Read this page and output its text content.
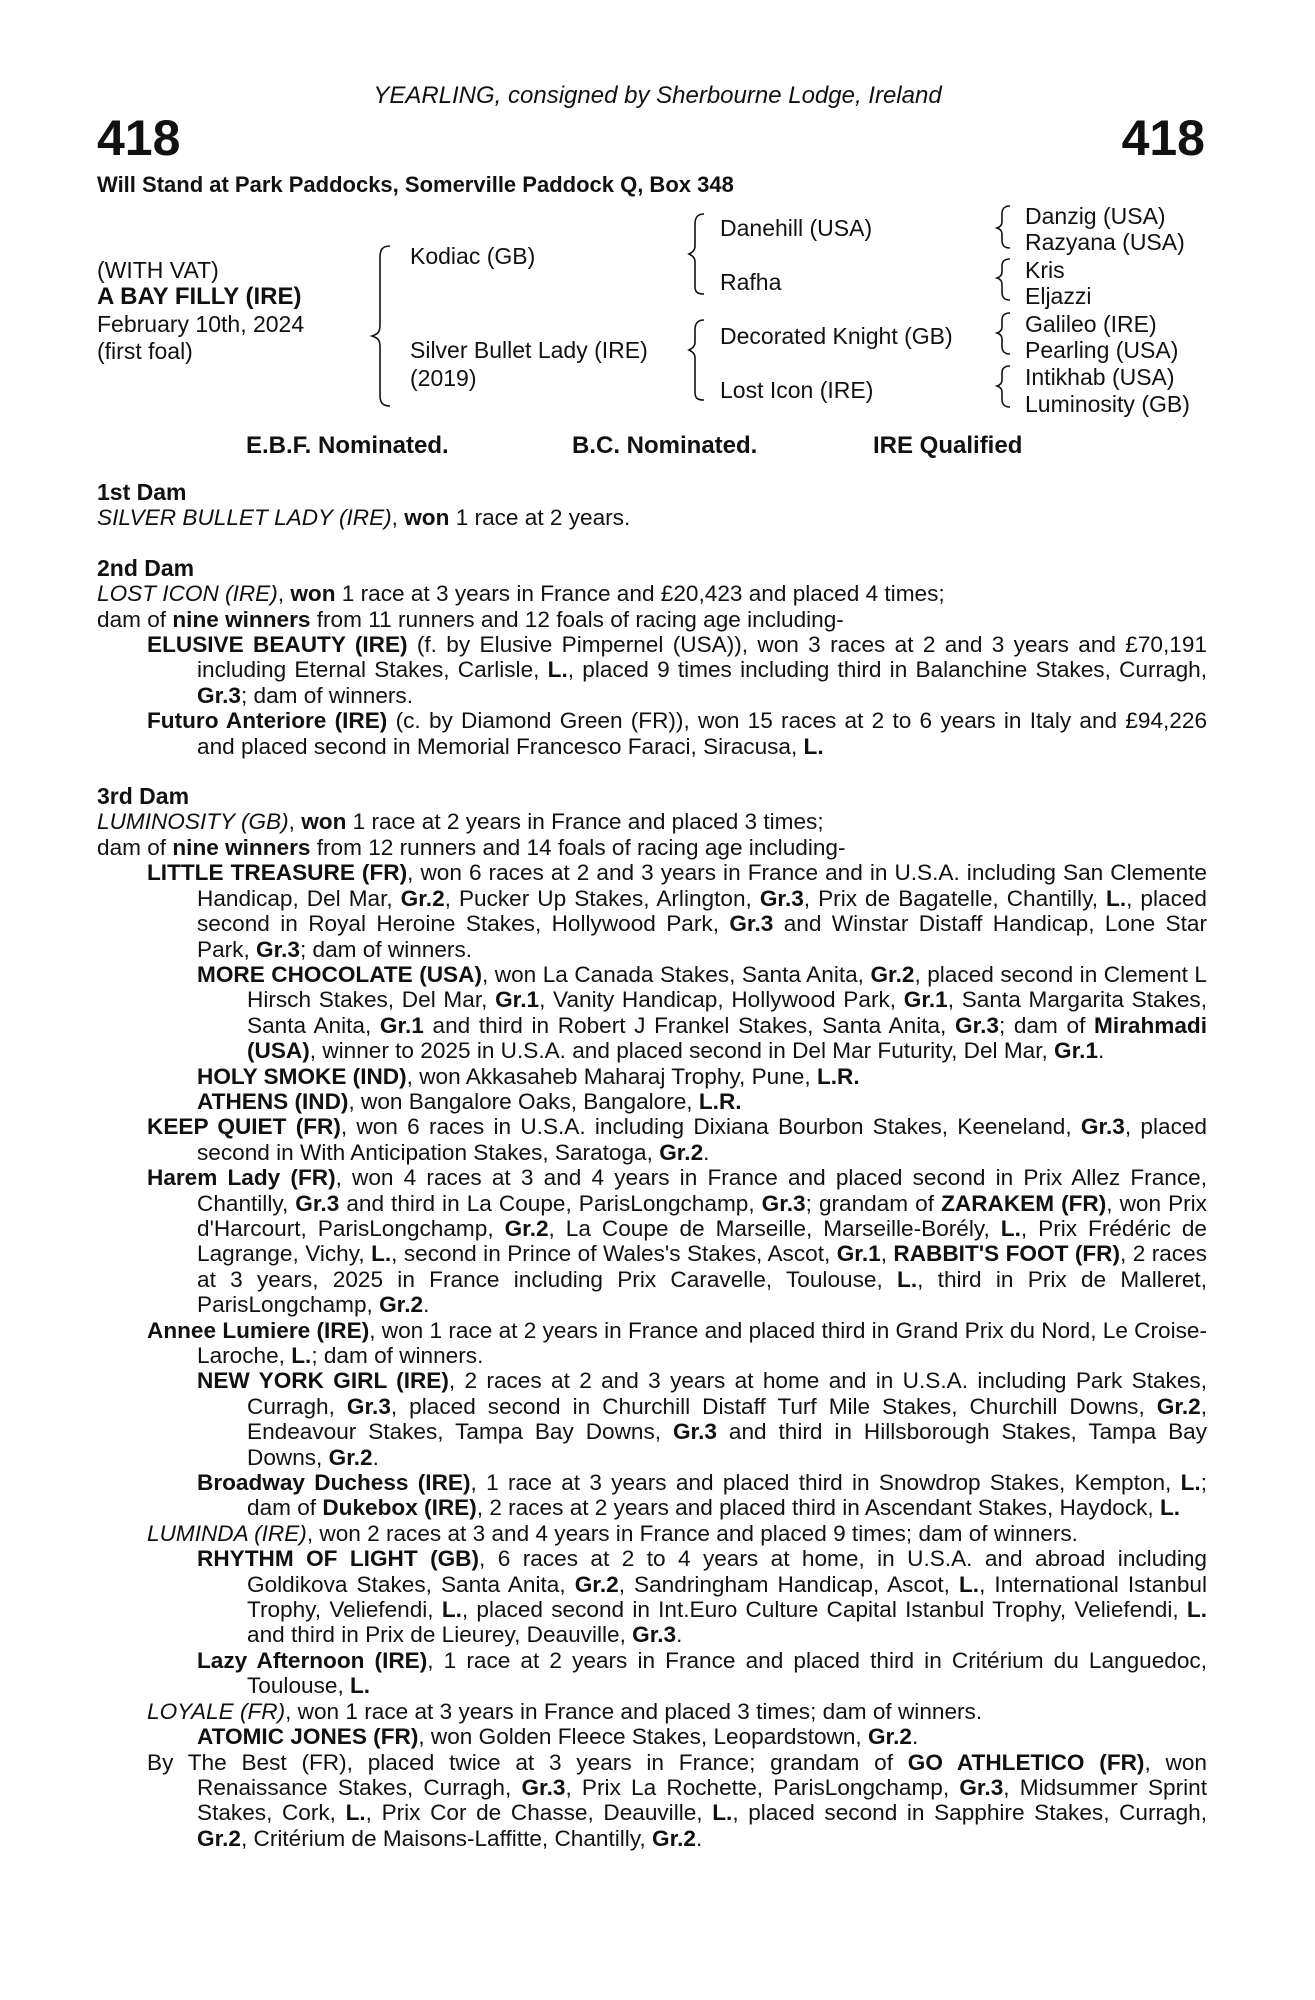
YEARLING, consigned by Sherbourne Lodge, Ireland
418	418
Will Stand at Park Paddocks, Somerville Paddock Q, Box 348
(WITH VAT)
A BAY FILLY (IRE)
February 10th, 2024
(first foal)
Kodiac (GB)
Silver Bullet Lady (IRE)
(2019)
Danehill (USA)
Rafha
Decorated Knight (GB)
Lost Icon (IRE)
Danzig (USA)
Razyana (USA)
Kris
Eljazzi
Galileo (IRE)
Pearling (USA)
Intikhab (USA)
Luminosity (GB)
E.B.F. Nominated.	B.C. Nominated.	IRE Qualified
1st Dam

SILVER BULLET LADY (IRE), won 1 race at 2 years.

2nd Dam

LOST ICON (IRE), won 1 race at 3 years in France and £20,423 and placed 4 times;

dam of nine winners from 11 runners and 12 foals of racing age including-

ELUSIVE BEAUTY (IRE) (f. by Elusive Pimpernel (USA)), won 3 races at 2 and 3 years and £70,191 including Eternal Stakes, Carlisle, L., placed 9 times including third in Balanchine Stakes, Curragh, Gr.3; dam of winners.

Futuro Anteriore (IRE) (c. by Diamond Green (FR)), won 15 races at 2 to 6 years in Italy and £94,226 and placed second in Memorial Francesco Faraci, Siracusa, L.

3rd Dam

LUMINOSITY (GB), won 1 race at 2 years in France and placed 3 times;

dam of nine winners from 12 runners and 14 foals of racing age including-

LITTLE TREASURE (FR), won 6 races at 2 and 3 years in France and in U.S.A. including San Clemente Handicap, Del Mar, Gr.2, Pucker Up Stakes, Arlington, Gr.3, Prix de Bagatelle, Chantilly, L., placed second in Royal Heroine Stakes, Hollywood Park, Gr.3 and Winstar Distaff Handicap, Lone Star Park, Gr.3; dam of winners.

MORE CHOCOLATE (USA), won La Canada Stakes, Santa Anita, Gr.2, placed second in Clement L Hirsch Stakes, Del Mar, Gr.1, Vanity Handicap, Hollywood Park, Gr.1, Santa Margarita Stakes, Santa Anita, Gr.1 and third in Robert J Frankel Stakes, Santa Anita, Gr.3; dam of Mirahmadi (USA), winner to 2025 in U.S.A. and placed second in Del Mar Futurity, Del Mar, Gr.1.

HOLY SMOKE (IND), won Akkasaheb Maharaj Trophy, Pune, L.R.

ATHENS (IND), won Bangalore Oaks, Bangalore, L.R.

KEEP QUIET (FR), won 6 races in U.S.A. including Dixiana Bourbon Stakes, Keeneland, Gr.3, placed second in With Anticipation Stakes, Saratoga, Gr.2.

Harem Lady (FR), won 4 races at 3 and 4 years in France and placed second in Prix Allez France, Chantilly, Gr.3 and third in La Coupe, ParisLongchamp, Gr.3; grandam of ZARAKEM (FR), won Prix d'Harcourt, ParisLongchamp, Gr.2, La Coupe de Marseille, Marseille-Borély, L., Prix Frédéric de Lagrange, Vichy, L., second in Prince of Wales's Stakes, Ascot, Gr.1, RABBIT'S FOOT (FR), 2 races at 3 years, 2025 in France including Prix Caravelle, Toulouse, L., third in Prix de Malleret, ParisLongchamp, Gr.2.

Annee Lumiere (IRE), won 1 race at 2 years in France and placed third in Grand Prix du Nord, Le Croise-Laroche, L.; dam of winners.

NEW YORK GIRL (IRE), 2 races at 2 and 3 years at home and in U.S.A. including Park Stakes, Curragh, Gr.3, placed second in Churchill Distaff Turf Mile Stakes, Churchill Downs, Gr.2, Endeavour Stakes, Tampa Bay Downs, Gr.3 and third in Hillsborough Stakes, Tampa Bay Downs, Gr.2.

Broadway Duchess (IRE), 1 race at 3 years and placed third in Snowdrop Stakes, Kempton, L.; dam of Dukebox (IRE), 2 races at 2 years and placed third in Ascendant Stakes, Haydock, L.

LUMINDA (IRE), won 2 races at 3 and 4 years in France and placed 9 times; dam of winners.

RHYTHM OF LIGHT (GB), 6 races at 2 to 4 years at home, in U.S.A. and abroad including Goldikova Stakes, Santa Anita, Gr.2, Sandringham Handicap, Ascot, L., International Istanbul Trophy, Veliefendi, L., placed second in Int.Euro Culture Capital Istanbul Trophy, Veliefendi, L. and third in Prix de Lieurey, Deauville, Gr.3.

Lazy Afternoon (IRE), 1 race at 2 years in France and placed third in Critérium du Languedoc, Toulouse, L.

LOYALE (FR), won 1 race at 3 years in France and placed 3 times; dam of winners.

ATOMIC JONES (FR), won Golden Fleece Stakes, Leopardstown, Gr.2.

By The Best (FR), placed twice at 3 years in France; grandam of GO ATHLETICO (FR), won Renaissance Stakes, Curragh, Gr.3, Prix La Rochette, ParisLongchamp, Gr.3, Midsummer Sprint Stakes, Cork, L., Prix Cor de Chasse, Deauville, L., placed second in Sapphire Stakes, Curragh, Gr.2, Critérium de Maisons-Laffitte, Chantilly, Gr.2.
